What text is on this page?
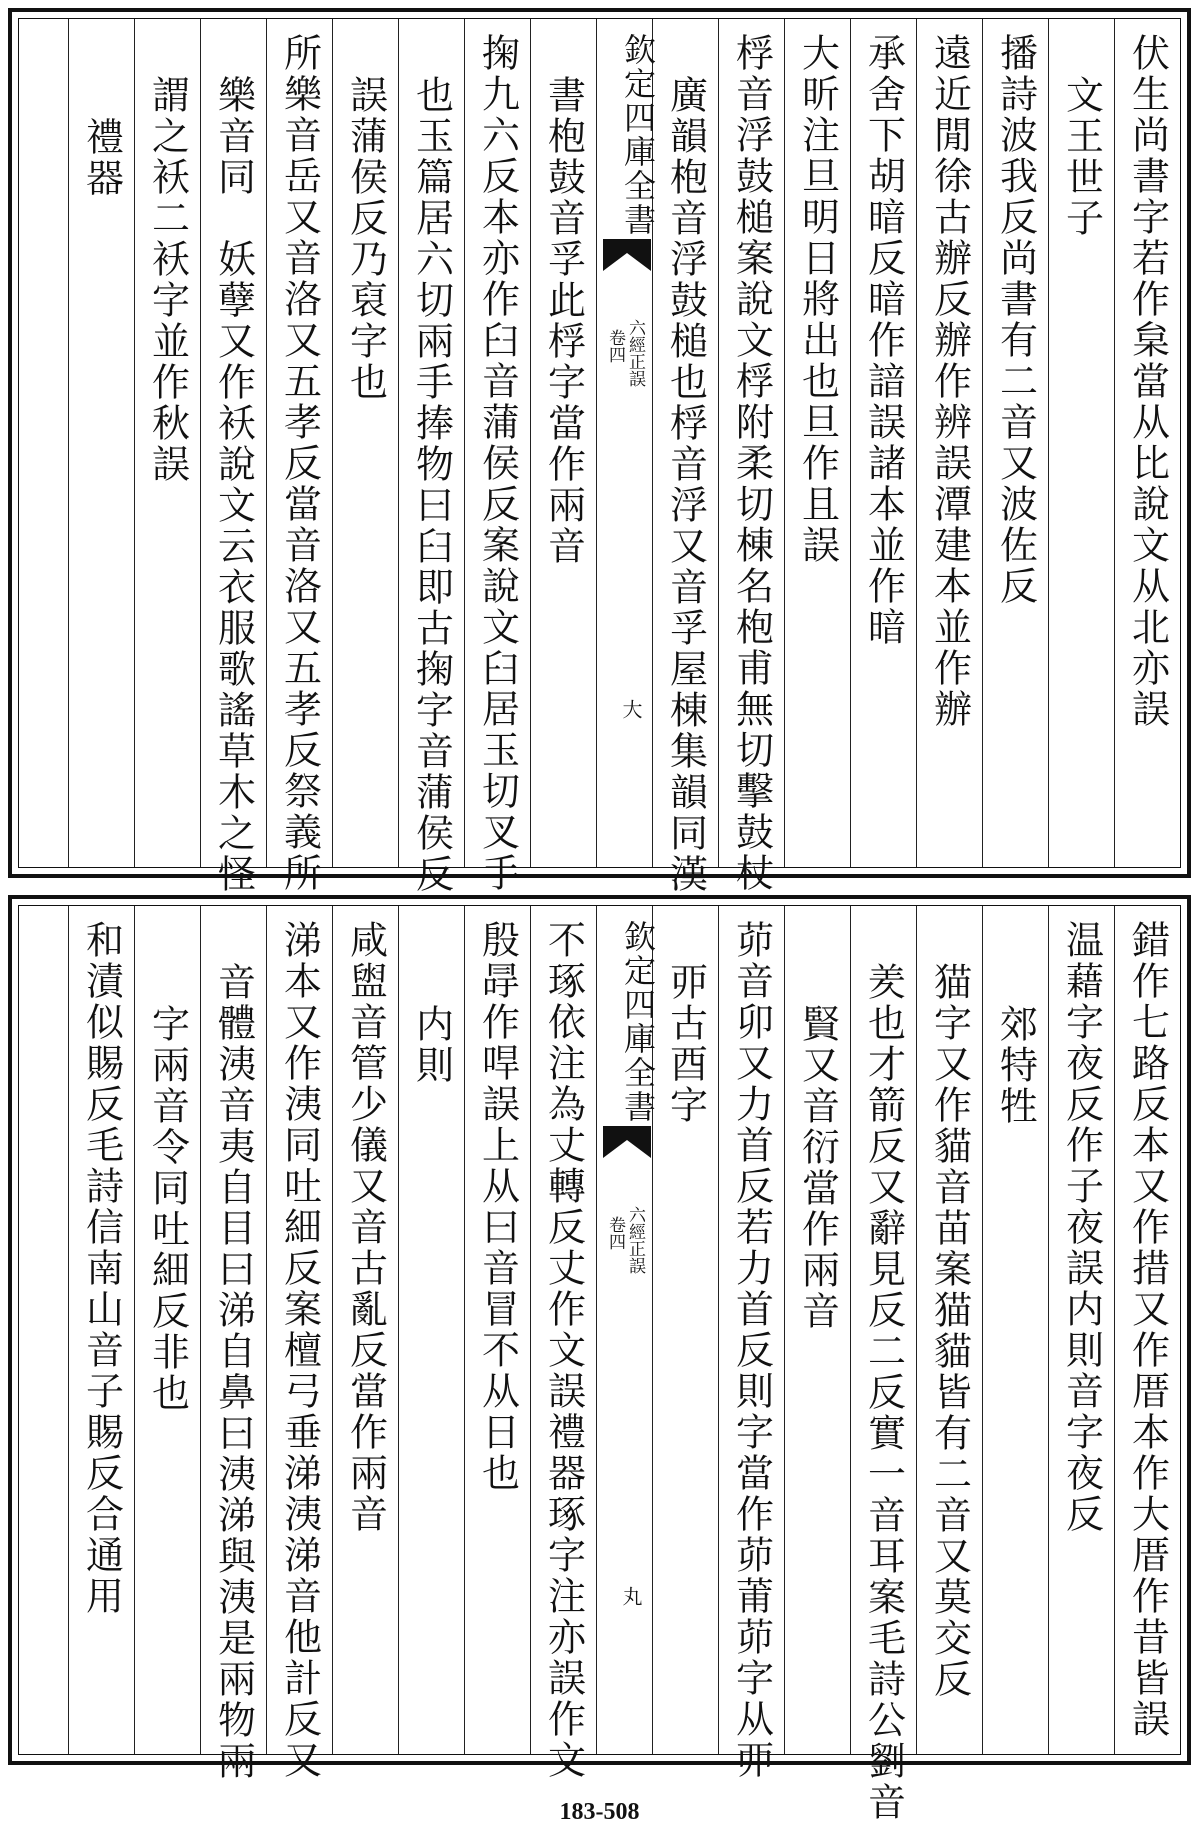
伏生尚書字若作枲當从比說文从北亦誤
文王世子
播詩波我反尚書有二音又波佐反
遠近閒徐古辦反辦作辨誤潭建本並作辦
承舍下胡暗反暗作諳誤諸本並作暗
大昕注旦明日將出也旦作且誤
桴音浮鼓槌案說文桴附柔切棟名枹甫無切擊鼓杖
廣韻枹音浮鼓槌也桴音浮又音孚屋棟集韻同漢
欽定四庫全書
六經正誤
卷四
大
書枹鼓音孚此桴字當作兩音
掬九六反本亦作臼音蒲侯反案說文臼居玉切叉手
也玉篇居六切兩手捧物曰臼即古掬字音蒲侯反
誤蒲侯反乃裒字也
所樂音岳又音洛又五孝反當音洛又五孝反祭義所
樂音同　妖孽又作袄說文云衣服歌謠草木之怪
謂之袄二袄字並作秋誤
禮器
錯作七路反本又作措又作厝本作大厝作昔皆誤
温藉字夜反作子夜誤内則音字夜反
郊特牲
猫字又作貓音苗案猫貓皆有二音又莫交反
羑也才箭反又辭見反二反實一音耳案毛詩公劉音
賢又音衍當作兩音
茆音卯又力首反若力首反則字當作茆莆茆字从丣
丣古酉字
欽定四庫全書
六經正誤
卷四
丸
不琢依注為丈轉反丈作文誤禮器琢字注亦誤作文
殷冔作哻誤上从曰音冒不从日也
内則
咸盥音管少儀又音古亂反當作兩音
涕本又作洟同吐細反案檀弓垂涕洟涕音他計反又
音體洟音夷自目曰涕自鼻曰洟涕與洟是兩物兩
字兩音令同吐細反非也
和漬似賜反毛詩信南山音子賜反合通用
183-508
